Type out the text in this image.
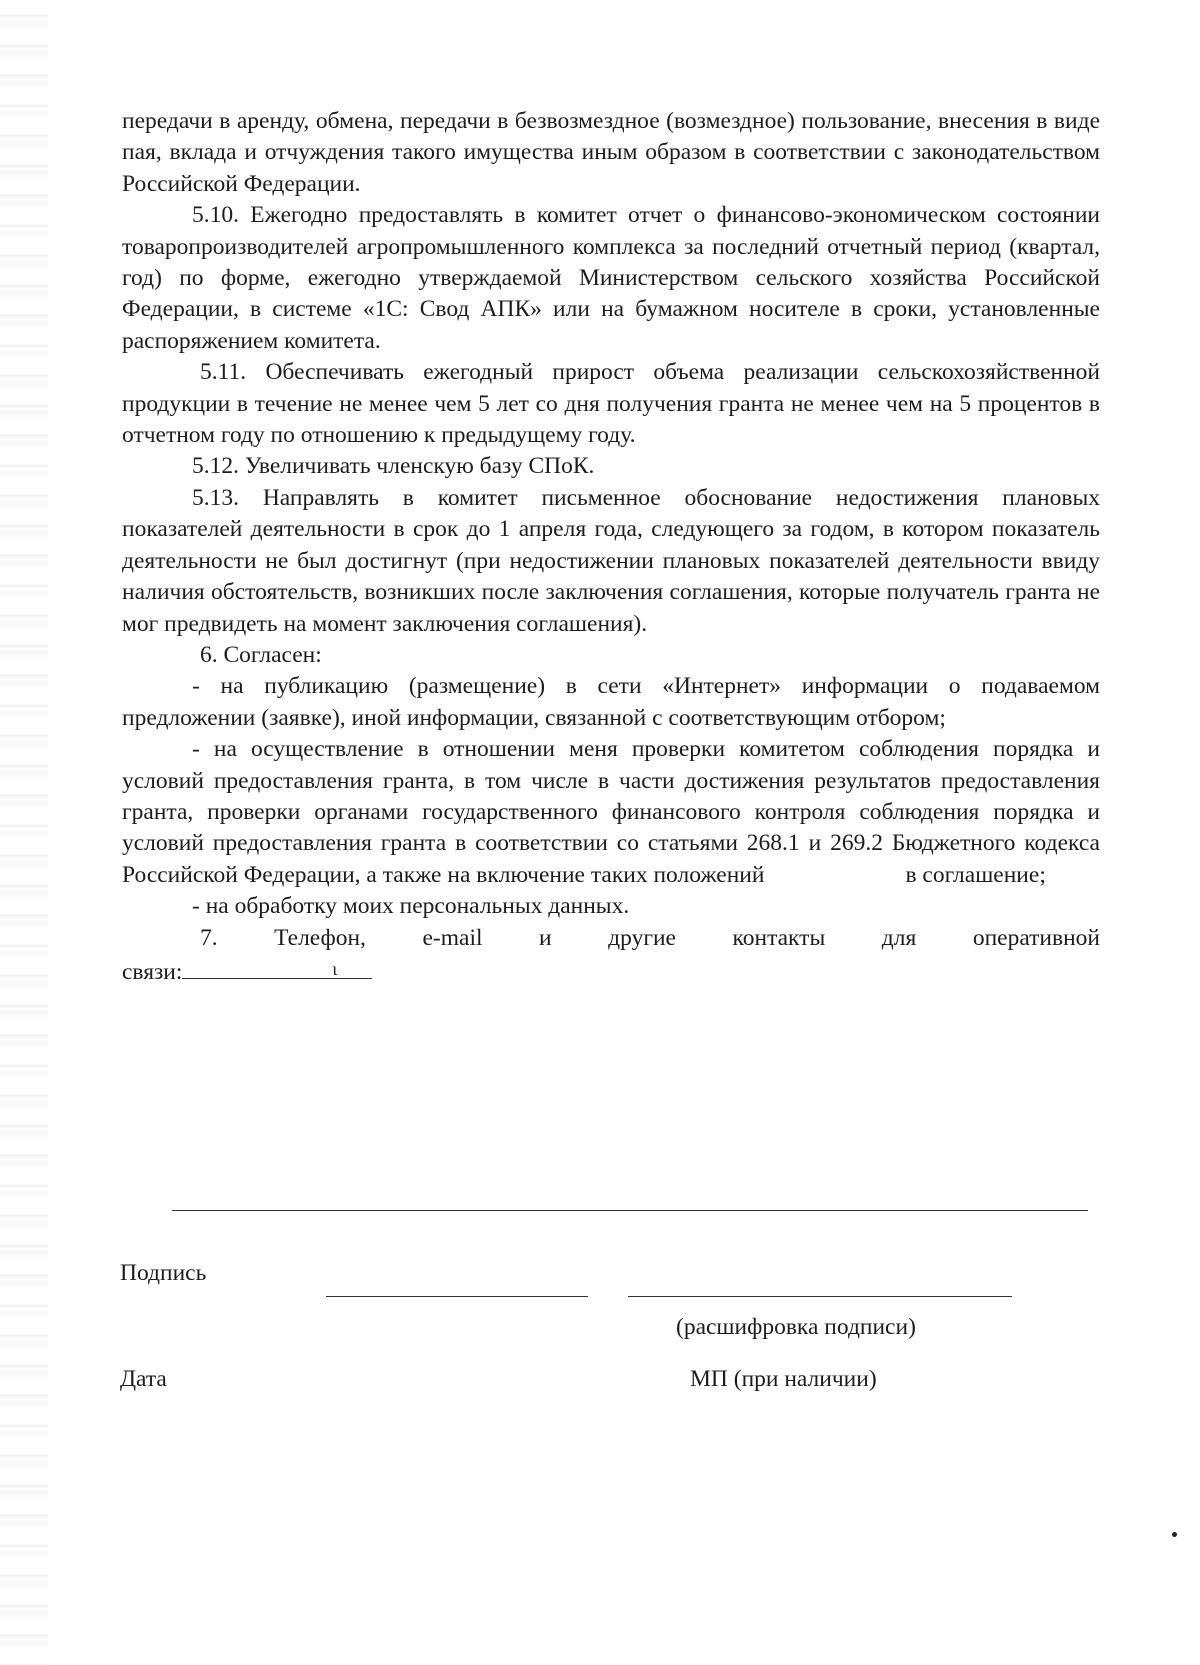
передачи в аренду, обмена, передачи в безвозмездное (возмездное) пользование, внесения в виде пая, вклада и отчуждения такого имущества иным образом в соответствии с законодательством Российской Федерации.

5.10. Ежегодно предоставлять в комитет отчет о финансово-экономическом состоянии товаропроизводителей агропромышленного комплекса за последний отчетный период (квартал, год) по форме, ежегодно утверждаемой Министерством сельского хозяйства Российской Федерации, в системе «1С: Свод АПК» или на бумажном носителе в сроки, установленные распоряжением комитета.

5.11. Обеспечивать ежегодный прирост объема реализации сельскохозяйственной продукции в течение не менее чем 5 лет со дня получения гранта не менее чем на 5 процентов в отчетном году по отношению к предыдущему году.

5.12. Увеличивать членскую базу СПоК.

5.13. Направлять в комитет письменное обоснование недостижения плановых показателей деятельности в срок до 1 апреля года, следующего за годом, в котором показатель деятельности не был достигнут (при недостижении плановых показателей деятельности ввиду наличия обстоятельств, возникших после заключения соглашения, которые получатель гранта не мог предвидеть на момент заключения соглашения).

6. Согласен:

- на публикацию (размещение) в сети «Интернет» информации о подаваемом предложении (заявке), иной информации, связанной с соответствующим отбором;

- на осуществление в отношении меня проверки комитетом соблюдения порядка и условий предоставления гранта, в том числе в части достижения результатов предоставления гранта, проверки органами государственного финансового контроля соблюдения порядка и условий предоставления гранта в соответствии со статьями 268.1 и 269.2 Бюджетного кодекса Российской Федерации, а также на включение таких положений                        в соглашение;

- на обработку моих персональных данных.

7. Телефон, e-mail и другие контакты для оперативной

связи:	ι

Подпись
(расшифровка подписи)
Дата	МП (при наличии)
